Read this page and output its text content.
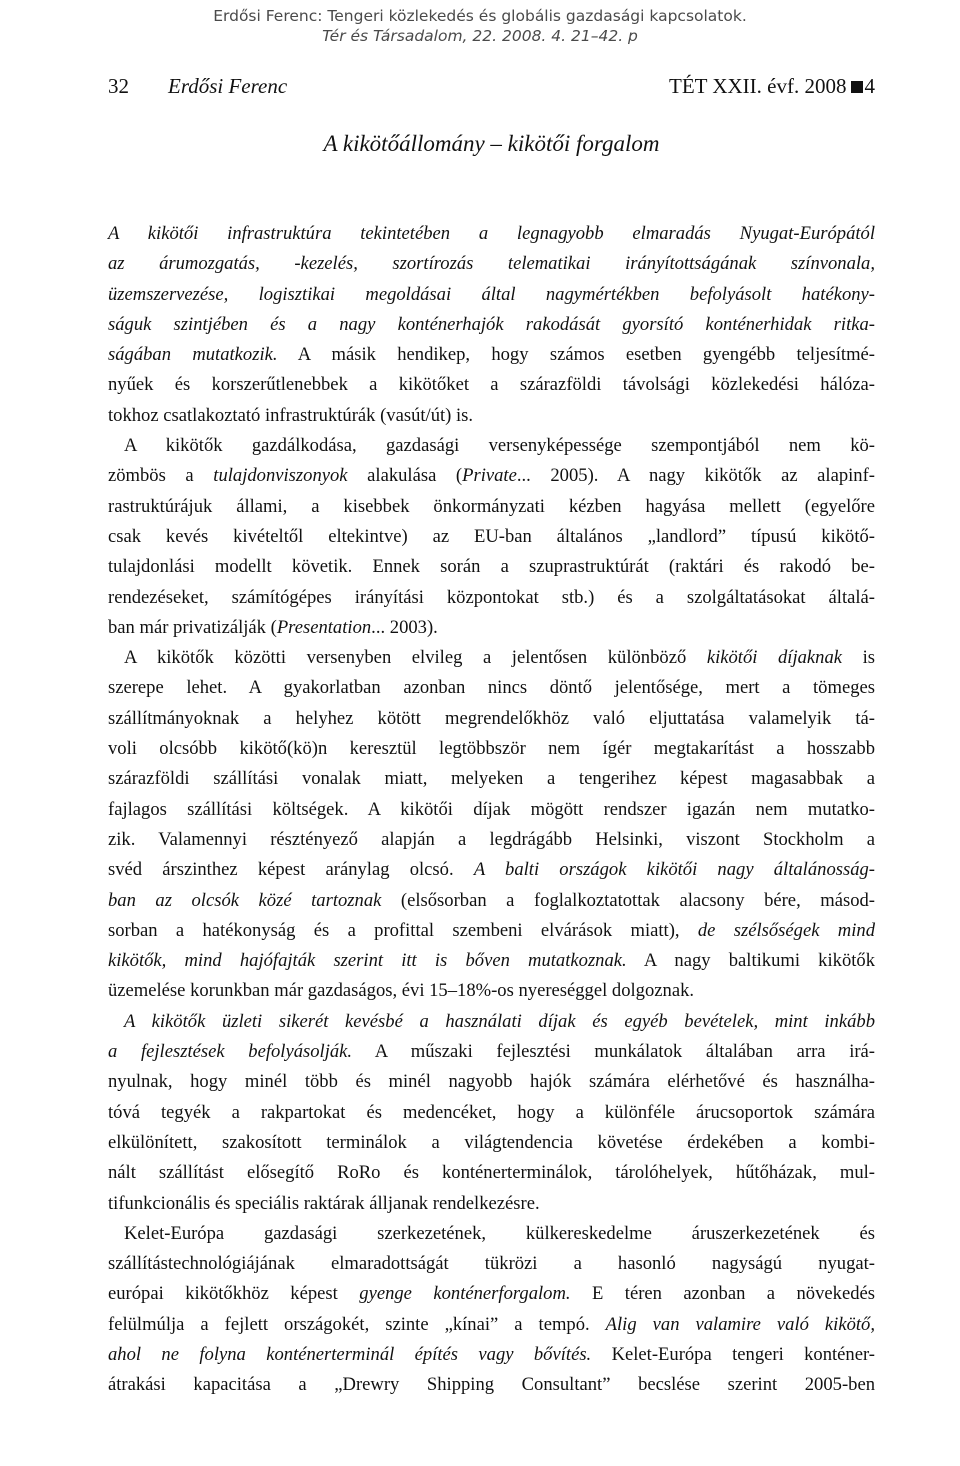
Erdősi Ferenc: Tengeri közlekedés és globális gazdasági kapcsolatok.
Tér és Társadalom, 22. 2008. 4. 21–42. p
32 Erdősi Ferenc	TÉT XXII. évf. 2008 4
A kikötőállomány – kikötői forgalom
A kikötői infrastruktúra tekintetében a legnagyobb elmaradás Nyugat-Európától
az árumozgatás, -kezelés, szortírozás telematikai irányítottságának színvonala,
üzemszervezése, logisztikai megoldásai által nagymértékben befolyásolt hatékony-
ságuk szintjében és a nagy konténerhajók rakodását gyorsító konténerhidak ritka-
ságában mutatkozik. A másik hendikep, hogy számos esetben gyengébb teljesítmé-
nyűek és korszerűtlenebbek a kikötőket a szárazföldi távolsági közlekedési hálóza-
tokhoz csatlakoztató infrastruktúrák (vasút/út) is.
A kikötők gazdálkodása, gazdasági versenyképessége szempontjából nem kö-
zömbös a tulajdonviszonyok alakulása (Private... 2005). A nagy kikötők az alapinf-
rastruktúrájuk állami, a kisebbek önkormányzati kézben hagyása mellett (egyelőre
csak kevés kivételtől eltekintve) az EU-ban általános „landlord” típusú kikötő-
tulajdonlási modellt követik. Ennek során a szuprastruktúrát (raktári és rakodó be-
rendezéseket, számítógépes irányítási központokat stb.) és a szolgáltatásokat általá-
ban már privatizálják (Presentation... 2003).
A kikötők közötti versenyben elvileg a jelentősen különböző kikötői díjaknak is
szerepe lehet. A gyakorlatban azonban nincs döntő jelentősége, mert a tömeges
szállítmányoknak a helyhez kötött megrendelőkhöz való eljuttatása valamelyik tá-
voli olcsóbb kikötő(kö)n keresztül legtöbbször nem ígér megtakarítást a hosszabb
szárazföldi szállítási vonalak miatt, melyeken a tengerihez képest magasabbak a
fajlagos szállítási költségek. A kikötői díjak mögött rendszer igazán nem mutatko-
zik. Valamennyi résztényező alapján a legdrágább Helsinki, viszont Stockholm a
svéd árszinthez képest aránylag olcsó. A balti országok kikötői nagy általánosság-
ban az olcsók közé tartoznak (elsősorban a foglalkoztatottak alacsony bére, másod-
sorban a hatékonyság és a profittal szembeni elvárások miatt), de szélsőségek mind
kikötők, mind hajófajták szerint itt is bőven mutatkoznak. A nagy baltikumi kikötők
üzemelése korunkban már gazdaságos, évi 15–18%-os nyereséggel dolgoznak.
A kikötők üzleti sikerét kevésbé a használati díjak és egyéb bevételek, mint inkább
a fejlesztések befolyásolják. A műszaki fejlesztési munkálatok általában arra irá-
nyulnak, hogy minél több és minél nagyobb hajók számára elérhetővé és használha-
tóvá tegyék a rakpartokat és medencéket, hogy a különféle árucsoportok számára
elkülönített, szakosított terminálok a világtendencia követése érdekében a kombi-
nált szállítást elősegítő RoRo és konténerterminálok, tárolóhelyek, hűtőházak, mul-
tifunkcionális és speciális raktárak álljanak rendelkezésre.
Kelet-Európa gazdasági szerkezetének, külkereskedelme áruszerkezetének és
szállítástechnológiájának elmaradottságát tükrözi a hasonló nagyságú nyugat-
európai kikötőkhöz képest gyenge konténerforgalom. E téren azonban a növekedés
felülmúlja a fejlett országokét, szinte „kínai” a tempó. Alig van valamire való kikötő,
ahol ne folyna konténerterminál építés vagy bővítés. Kelet-Európa tengeri konténer-
átrakási kapacitása a „Drewry Shipping Consultant” becslése szerint 2005-ben
